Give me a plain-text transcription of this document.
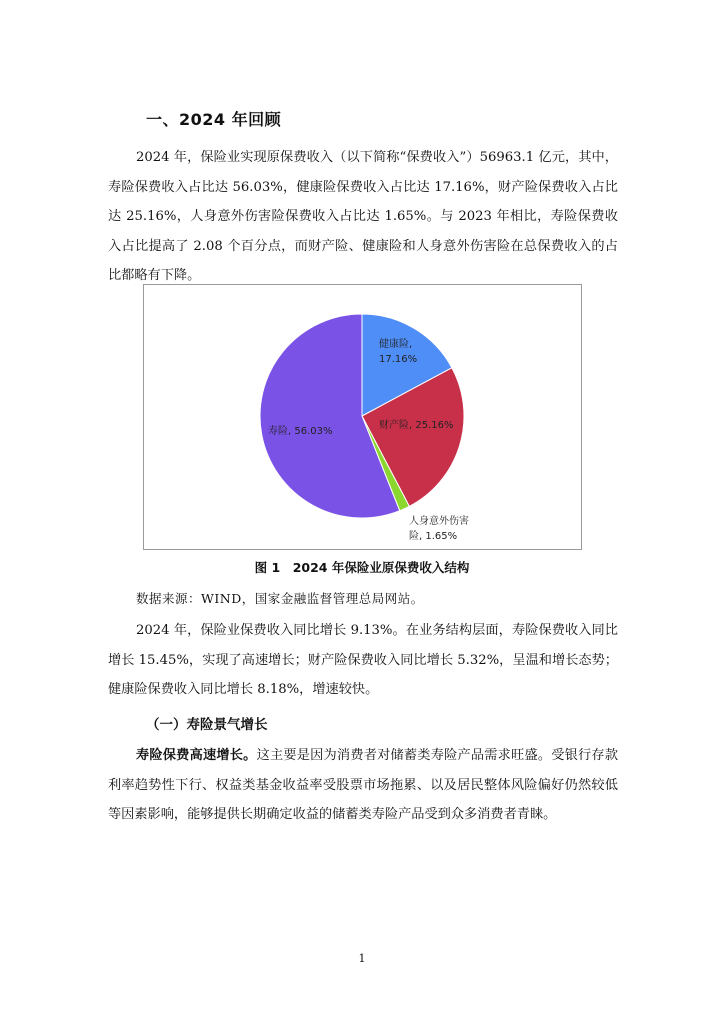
一、2024 年回顾

2024 年，保险业实现原保费收入（以下简称“保费收入”）56963.1 亿元，其中，寿险保费收入占比达 56.03%，健康险保费收入占比达 17.16%，财产险保费收入占比达 25.16%，人身意外伤害险保费收入占比达 1.65%。与 2023 年相比，寿险保费收入占比提高了 2.08 个百分点，而财产险、健康险和人身意外伤害险在总保费收入的占比都略有下降。

健康险, 17.16%
财产险, 25.16%
人身意外伤害险, 1.65%
寿险, 56.03%
图 1　2024 年保险业原保费收入结构
数据来源：WIND，国家金融监督管理总局网站。

2024 年，保险业保费收入同比增长 9.13%。在业务结构层面，寿险保费收入同比增长 15.45%，实现了高速增长；财产险保费收入同比增长 5.32%，呈温和增长态势；健康险保费收入同比增长 8.18%，增速较快。

（一）寿险景气增长

寿险保费高速增长。这主要是因为消费者对储蓄类寿险产品需求旺盛。受银行存款利率趋势性下行、权益类基金收益率受股票市场拖累、以及居民整体风险偏好仍然较低等因素影响，能够提供长期确定收益的储蓄类寿险产品受到众多消费者青睐。

1
